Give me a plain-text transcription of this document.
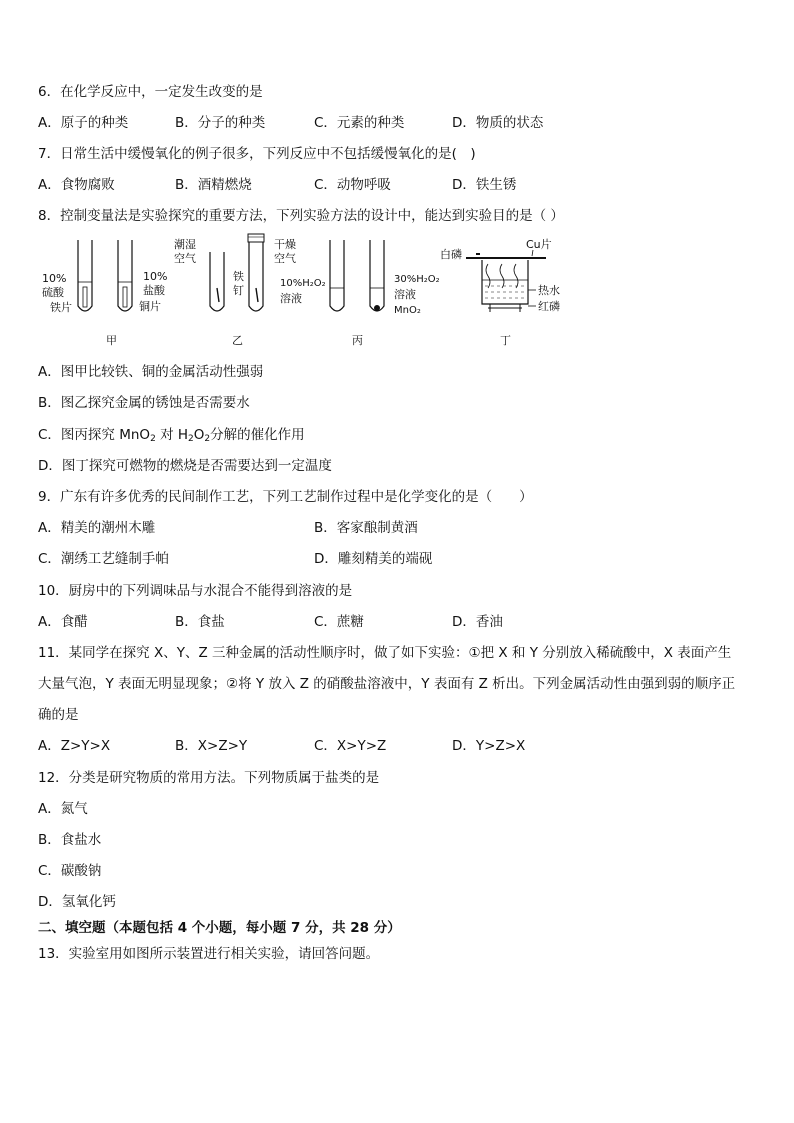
6．在化学反应中，一定发生改变的是
A．原子的种类	B．分子的种类	C．元素的种类	D．物质的状态
7．日常生活中缓慢氧化的例子很多，下列反应中不包括缓慢氧化的是(　)
A．食物腐败	B．酒精燃烧	C．动物呼吸	D．铁生锈
8．控制变量法是实验探究的重要方法，下列实验方法的设计中，能达到实验目的是（ ）
10%
硫酸
铁片
10%
盐酸
铜片
甲
潮湿
空气
铁
钉
干燥
空气
乙
10%H₂O₂
溶液
30%H₂O₂
溶液
MnO₂
丙
白磷
Cu片
热水
红磷
丁
A．图甲比较铁、铜的金属活动性强弱
B．图乙探究金属的锈蚀是否需要水
C．图丙探究 MnO$_2$ 对 $H_2O_2$分解的催化作用
D．图丁探究可燃物的燃烧是否需要达到一定温度
9．广东有许多优秀的民间制作工艺，下列工艺制作过程中是化学变化的是（　　）
A．精美的潮州木雕	B．客家酿制黄酒
C．潮绣工艺缝制手帕	D．雕刻精美的端砚
10．厨房中的下列调味品与水混合不能得到溶液的是
A．食醋	B．食盐	C．蔗糖	D．香油
11．某同学在探究 X、Y、Z 三种金属的活动性顺序时，做了如下实验：①把 X 和 Y 分别放入稀硫酸中，X 表面产生
大量气泡，Y 表面无明显现象；②将 Y 放入 Z 的硝酸盐溶液中，Y 表面有 Z 析出。下列金属活动性由强到弱的顺序正
确的是
A．Z>Y>X	B．X>Z>Y	C．X>Y>Z	D．Y>Z>X
12．分类是研究物质的常用方法。下列物质属于盐类的是
A．氮气
B．食盐水
C．碳酸钠
D．氢氧化钙
二、填空题（本题包括 4 个小题，每小题 7 分，共 28 分）
13．实验室用如图所示装置进行相关实验，请回答问题。
